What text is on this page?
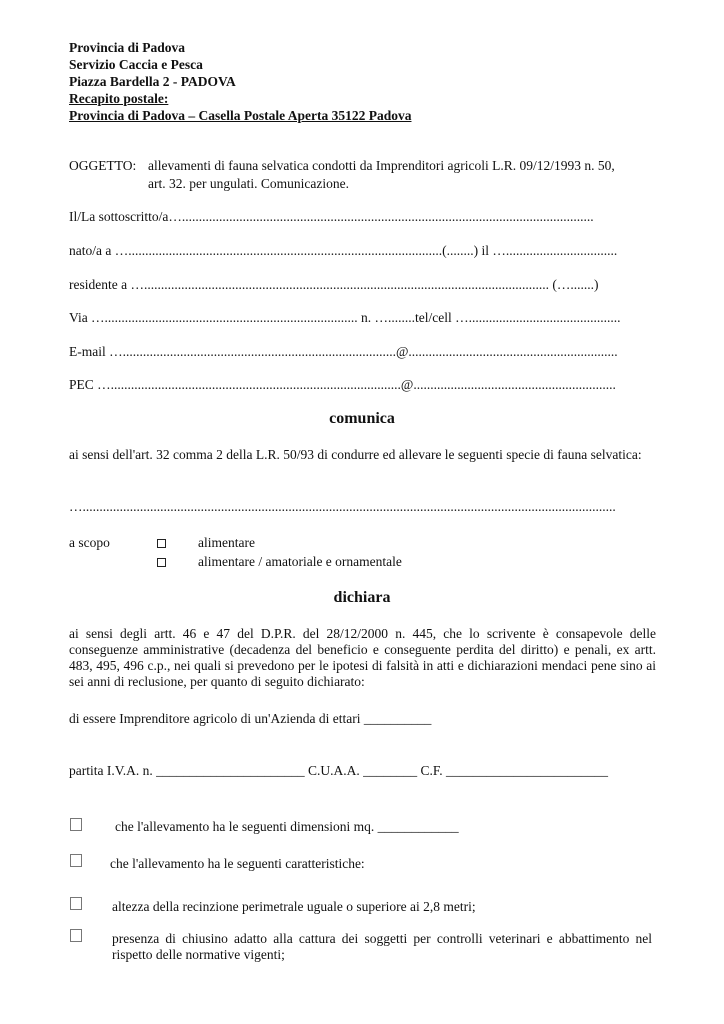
Provincia di Padova
Servizio Caccia e Pesca
Piazza Bardella 2 - PADOVA
Recapito postale:
Provincia di Padova – Casella Postale Aperta 35122 Padova
OGGETTO: allevamenti di fauna selvatica condotti da Imprenditori agricoli L.R. 09/12/1993 n. 50,
art. 32. per ungulati. Comunicazione.
Il/La sottoscritto/a…..........................................................................................................................
nato/a a ….............................................................................................(........) il ….................................
residente a …........................................................................................................................ (….......)
Via …........................................................................... n. …........tel/cell ….............................................
E-mail ….................................................................................@..............................................................
PEC …......................................................................................@............................................................
comunica
ai sensi dell'art. 32 comma 2 della L.R. 50/93 di condurre ed allevare le seguenti specie di fauna selvatica:
…..............................................................................................................................................................
a scopo	alimentare
alimentare / amatoriale e ornamentale
dichiara
ai sensi degli artt. 46 e 47 del D.P.R. del 28/12/2000 n. 445, che lo scrivente è consapevole delle conseguenze amministrative (decadenza del beneficio e conseguente perdita del diritto) e penali, ex artt. 483, 495, 496 c.p., nei quali si prevedono per le ipotesi di falsità in atti e dichiarazioni mendaci pene sino ai sei anni di reclusione, per quanto di seguito dichiarato:
di essere Imprenditore agricolo di un'Azienda di ettari __________
partita I.V.A. n. ______________________ C.U.A.A. ________ C.F. ________________________
che l'allevamento ha le seguenti dimensioni mq. ____________
che l'allevamento ha le seguenti caratteristiche:
altezza della recinzione perimetrale uguale o superiore ai 2,8 metri;
presenza di chiusino adatto alla cattura dei soggetti per controlli veterinari e abbattimento nel rispetto delle normative vigenti;
